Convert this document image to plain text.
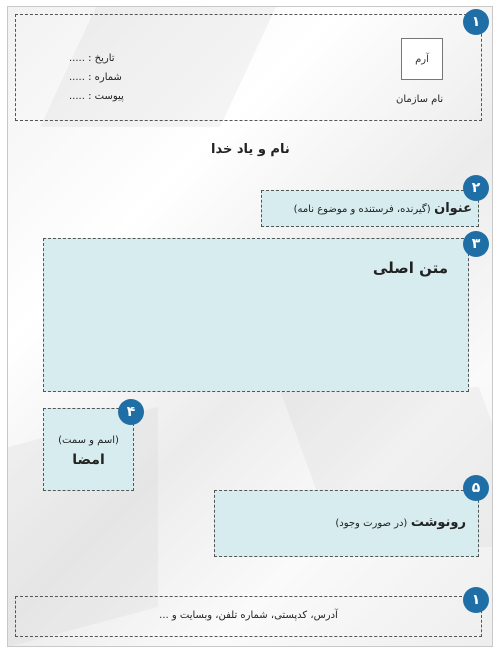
آرم
نام سازمان
تاریخ : .....
شماره : .....
پیوست : .....
۱
نام و یاد خدا
عنوان (گیرنده، فرستنده و موضوع نامه)
۲
متن اصلی
۳
(اسم و سمت)
امضا
۴
رونوشت (در صورت وجود)
۵
آدرس، کدپستی، شماره تلفن، وبسایت و ...
۱
